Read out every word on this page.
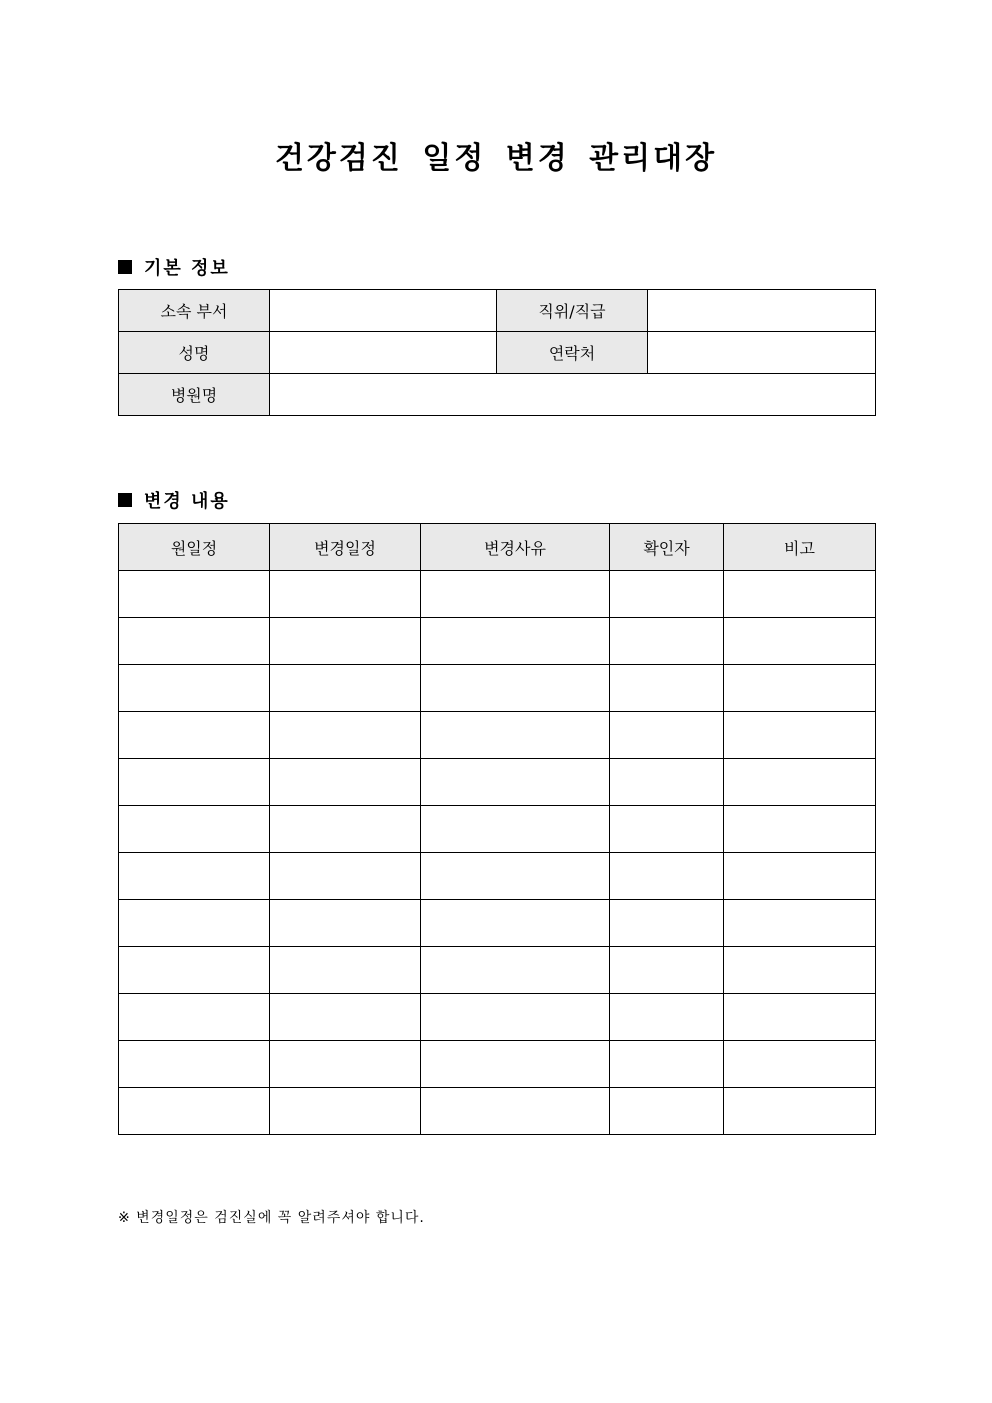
건강검진 일정 변경 관리대장
기본 정보
소속 부서		직위/직급	
성명		연락처	
병원명			
변경 내용
원일정	변경일정	변경사유	확인자	비고

※ 변경일정은 검진실에 꼭 알려주셔야 합니다.
